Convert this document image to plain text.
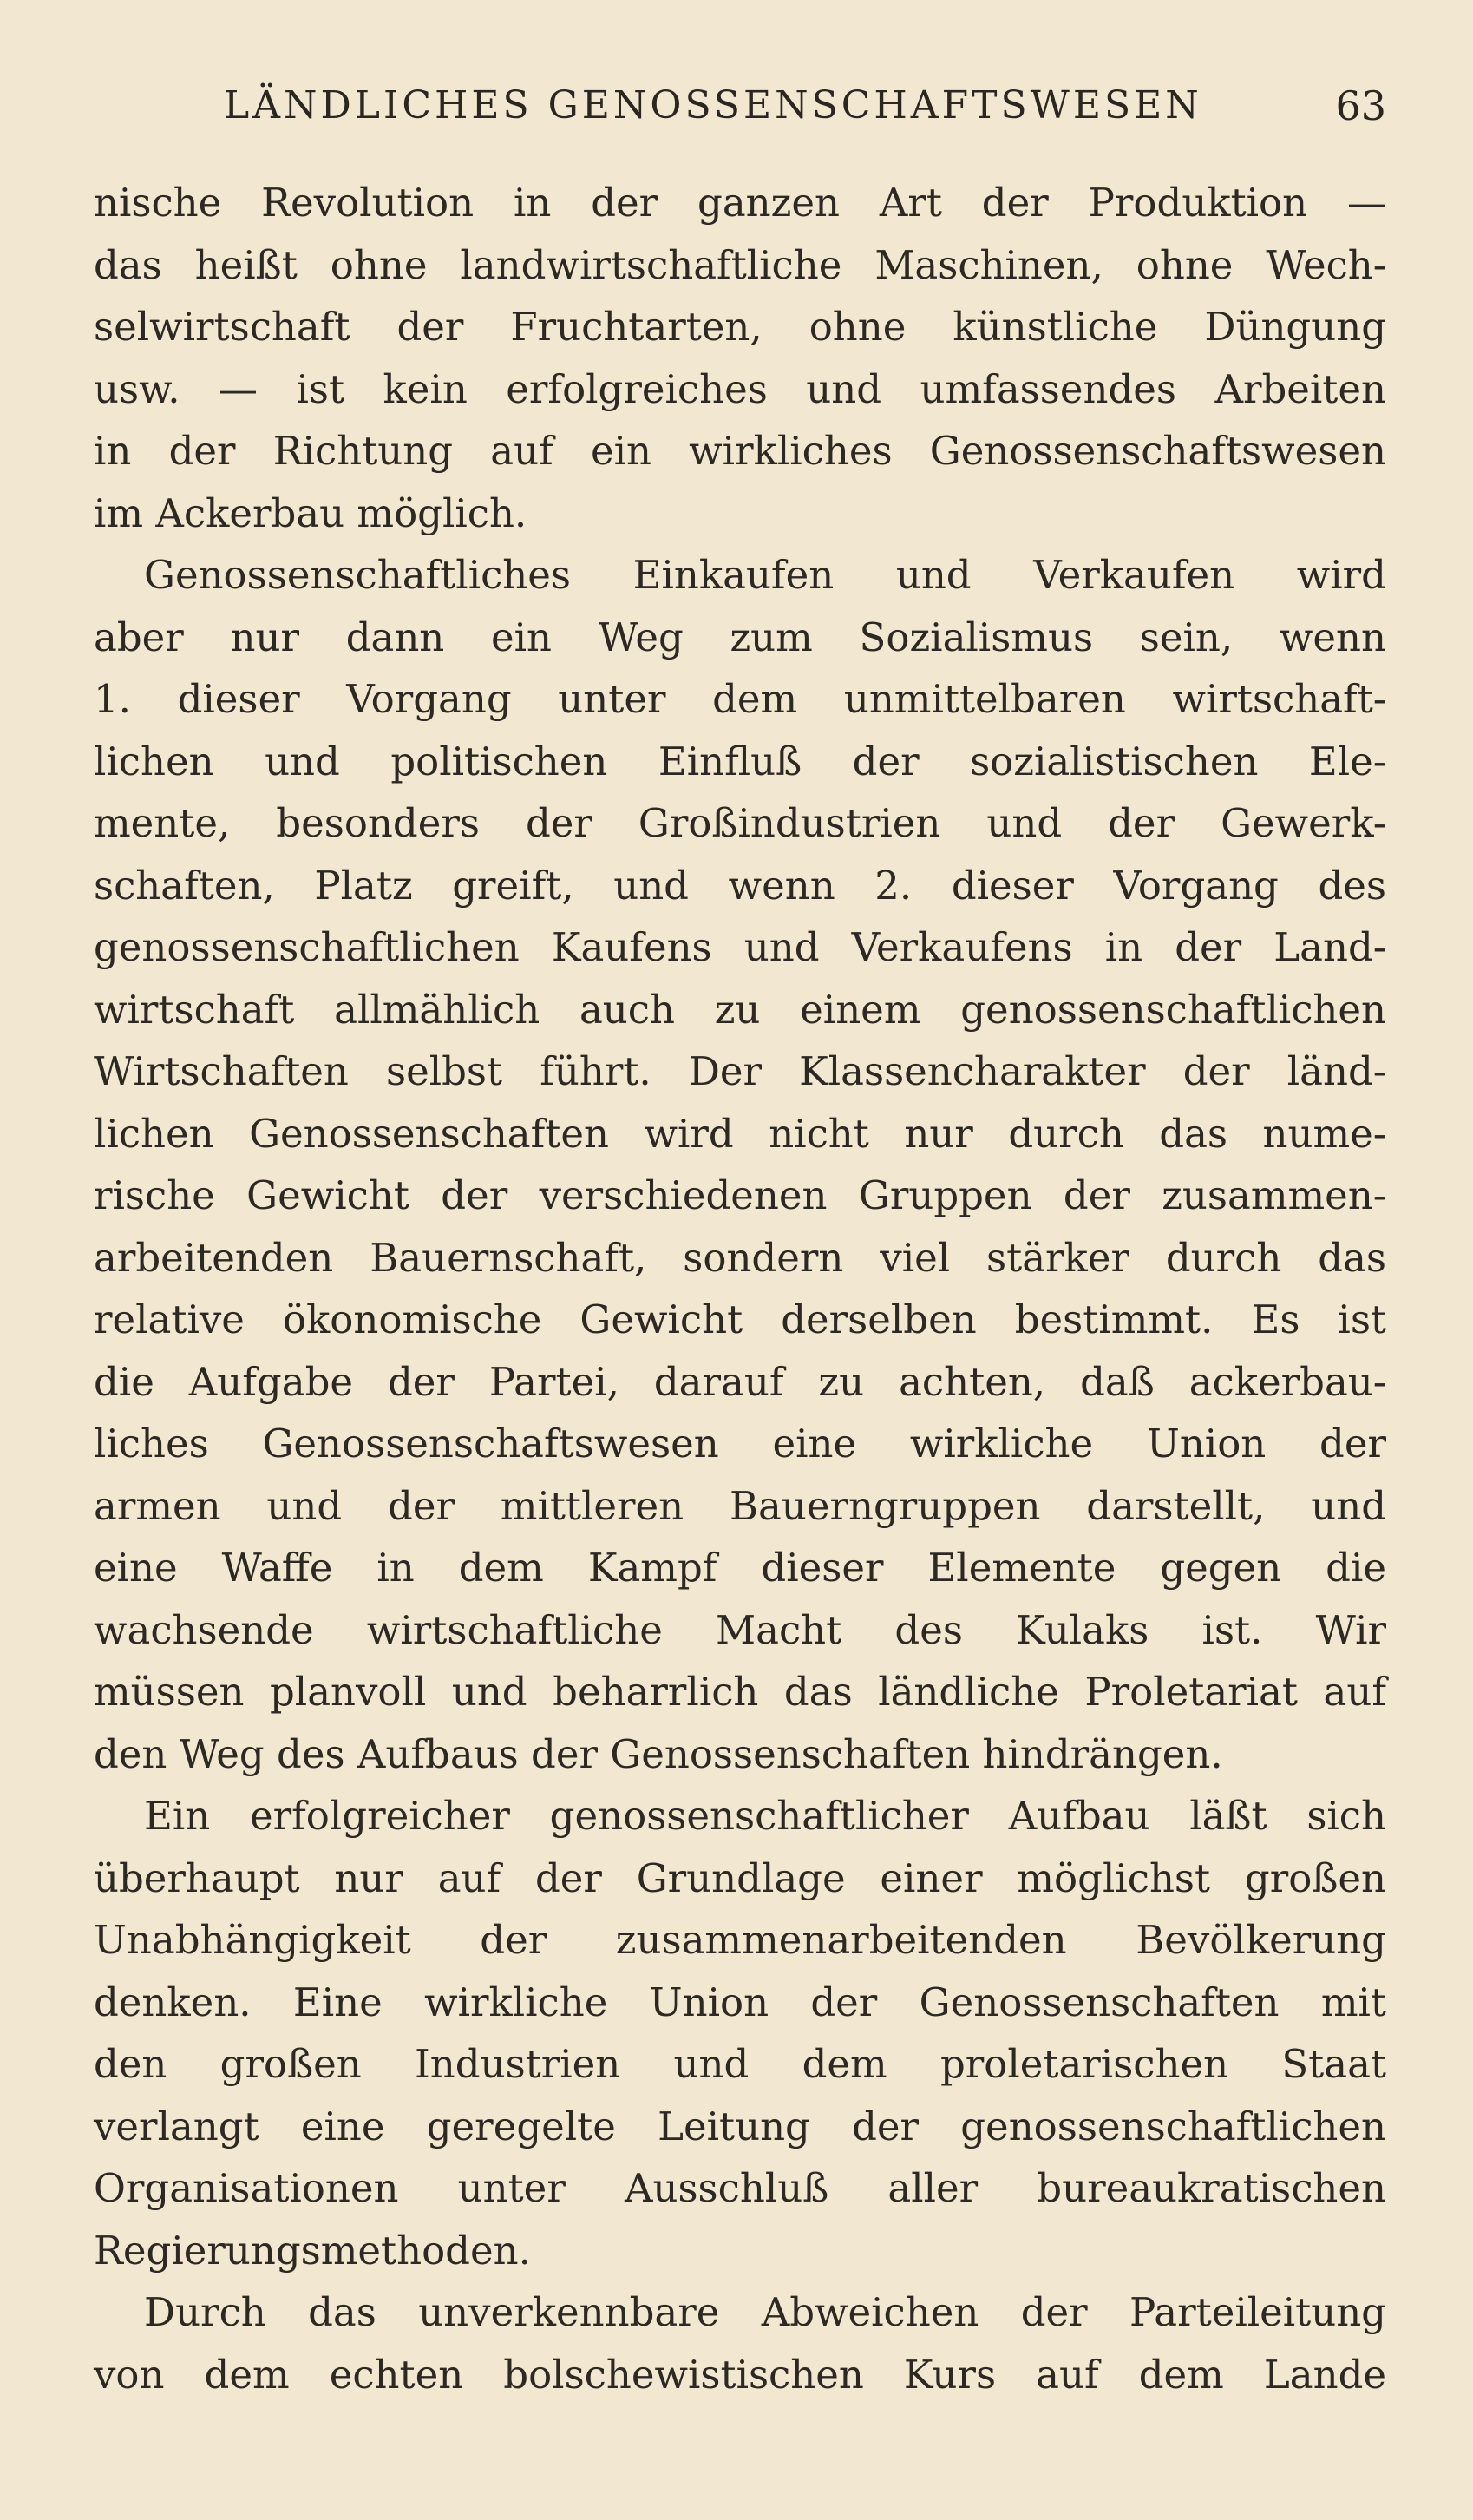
LÄNDLICHES GENOSSENSCHAFTSWESEN	63
nische Revolution in der ganzen Art der Produktion —
das heißt ohne landwirtschaftliche Maschinen, ohne Wech-
selwirtschaft der Fruchtarten, ohne künstliche Düngung
usw. — ist kein erfolgreiches und umfassendes Arbeiten
in der Richtung auf ein wirkliches Genossenschaftswesen
im Ackerbau möglich.
Genossenschaftliches Einkaufen und Verkaufen wird
aber nur dann ein Weg zum Sozialismus sein, wenn
1. dieser Vorgang unter dem unmittelbaren wirtschaft-
lichen und politischen Einfluß der sozialistischen Ele-
mente, besonders der Großindustrien und der Gewerk-
schaften, Platz greift, und wenn 2. dieser Vorgang des
genossenschaftlichen Kaufens und Verkaufens in der Land-
wirtschaft allmählich auch zu einem genossenschaftlichen
Wirtschaften selbst führt. Der Klassencharakter der länd-
lichen Genossenschaften wird nicht nur durch das nume-
rische Gewicht der verschiedenen Gruppen der zusammen-
arbeitenden Bauernschaft, sondern viel stärker durch das
relative ökonomische Gewicht derselben bestimmt. Es ist
die Aufgabe der Partei, darauf zu achten, daß ackerbau-
liches Genossenschaftswesen eine wirkliche Union der
armen und der mittleren Bauerngruppen darstellt, und
eine Waffe in dem Kampf dieser Elemente gegen die
wachsende wirtschaftliche Macht des Kulaks ist. Wir
müssen planvoll und beharrlich das ländliche Proletariat auf
den Weg des Aufbaus der Genossenschaften hindrängen.
Ein erfolgreicher genossenschaftlicher Aufbau läßt sich
überhaupt nur auf der Grundlage einer möglichst großen
Unabhängigkeit der zusammenarbeitenden Bevölkerung
denken. Eine wirkliche Union der Genossenschaften mit
den großen Industrien und dem proletarischen Staat
verlangt eine geregelte Leitung der genossenschaftlichen
Organisationen unter Ausschluß aller bureaukratischen
Regierungsmethoden.
Durch das unverkennbare Abweichen der Parteileitung
von dem echten bolschewistischen Kurs auf dem Lande
